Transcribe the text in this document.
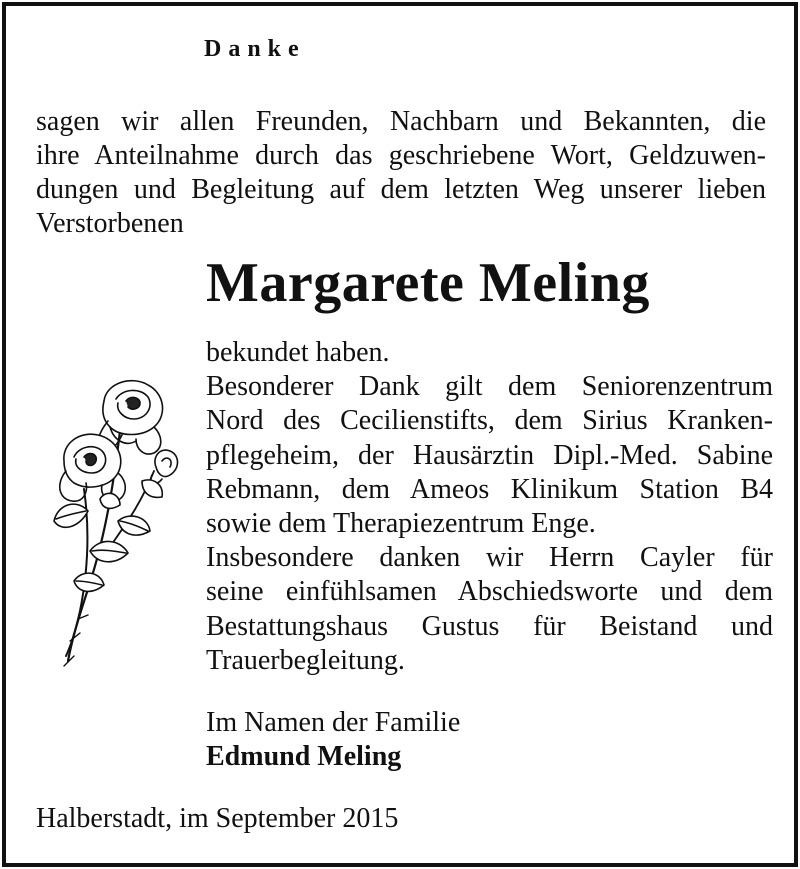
Danke
sagen wir allen Freunden, Nachbarn und Bekannten, die
ihre Anteilnahme durch das geschriebene Wort, Geldzuwen-
dungen und Begleitung auf dem letzten Weg unserer lieben
Verstorbenen
Margarete Meling
bekundet haben.
Besonderer Dank gilt dem Seniorenzentrum
Nord des Cecilienstifts, dem Sirius Kranken-
pflegeheim, der Hausärztin Dipl.-Med. Sabine
Rebmann, dem Ameos Klinikum Station B4
sowie dem Therapiezentrum Enge.
Insbesondere danken wir Herrn Cayler für
seine einfühlsamen Abschiedsworte und dem
Bestattungshaus Gustus für Beistand und
Trauerbegleitung.
Im Namen der Familie
Edmund Meling
Halberstadt, im September 2015
